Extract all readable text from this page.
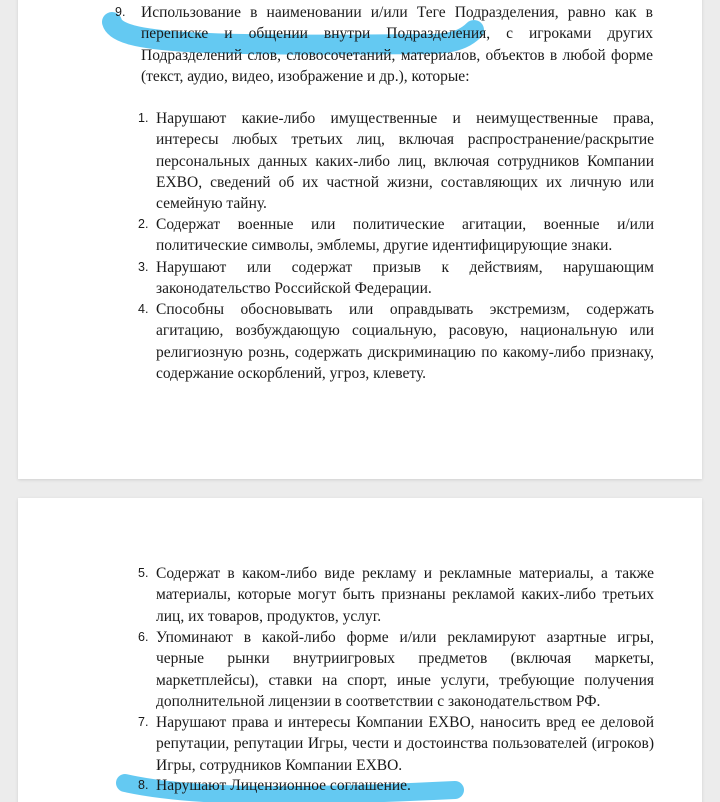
9. Использование в наименовании и/или Теге Подразделения, равно как в переписке и общении внутри Подразделения, с игроками других Подразделений слов, словосочетаний, материалов, объектов в любой форме (текст, аудио, видео, изображение и др.), которые:
1. Нарушают какие-либо имущественные и неимущественные права, интересы любых третьих лиц, включая распространение/раскрытие персональных данных каких-либо лиц, включая сотрудников Компании EXBO, сведений об их частной жизни, составляющих их личную или семейную тайну.
2. Содержат военные или политические агитации, военные и/или политические символы, эмблемы, другие идентифицирующие знаки.
3. Нарушают или содержат призыв к действиям, нарушающим законодательство Российской Федерации.
4. Способны обосновывать или оправдывать экстремизм, содержать агитацию, возбуждающую социальную, расовую, национальную или религиозную рознь, содержать дискриминацию по какому-либо признаку, содержание оскорблений, угроз, клевету.
5. Содержат в каком-либо виде рекламу и рекламные материалы, а также материалы, которые могут быть признаны рекламой каких-либо третьих лиц, их товаров, продуктов, услуг.
6. Упоминают в какой-либо форме и/или рекламируют азартные игры, черные рынки внутриигровых предметов (включая маркеты, маркетплейсы), ставки на спорт, иные услуги, требующие получения дополнительной лицензии в соответствии с законодательством РФ.
7. Нарушают права и интересы Компании EXBO, наносить вред ее деловой репутации, репутации Игры, чести и достоинства пользователей (игроков) Игры, сотрудников Компании EXBO.
8. Нарушают Лицензионное соглашение.
